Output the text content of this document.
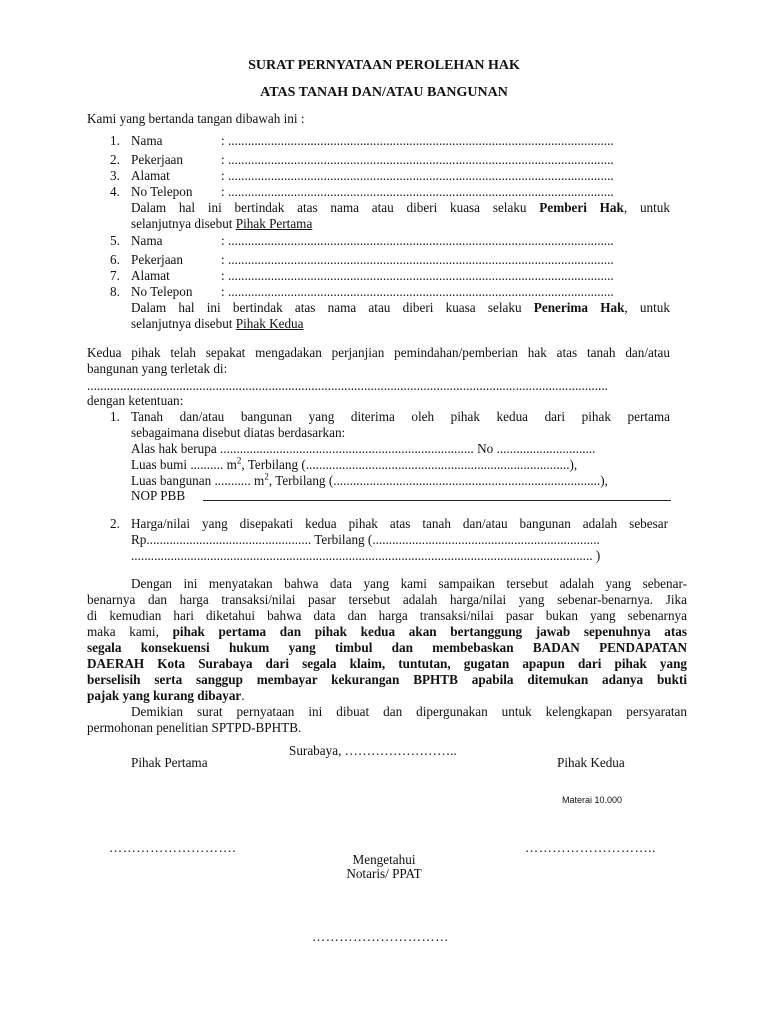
SURAT PERNYATAAN PEROLEHAN HAK
ATAS TANAH DAN/ATAU BANGUNAN
Kami yang bertanda tangan dibawah ini :
1. Nama	: .....................................................................................................................
2. Pekerjaan	: .....................................................................................................................
3. Alamat	: .....................................................................................................................
4. No Telepon : .....................................................................................................................
Dalam hal ini bertindak atas nama atau diberi kuasa selaku Pemberi Hak, untuk
selanjutnya disebut Pihak Pertama
5. Nama	: .....................................................................................................................
6. Pekerjaan	: .....................................................................................................................
7. Alamat	: .....................................................................................................................
8. No Telepon : .....................................................................................................................
Dalam hal ini bertindak atas nama atau diberi kuasa selaku Penerima Hak, untuk
selanjutnya disebut Pihak Kedua
Kedua pihak telah sepakat mengadakan perjanjian pemindahan/pemberian hak atas tanah dan/atau
bangunan yang terletak di:
..............................................................................................................................................................
dengan ketentuan:
1. Tanah dan/atau bangunan yang diterima oleh pihak kedua dari pihak pertama
sebagaimana disebut diatas berdasarkan:
Alas hak berupa ............................................................................. No ..............................
Luas bumi .......... $m^2$, Terbilang (................................................................................),
Luas bangunan ........... $m^2$, Terbilang (.................................................................................),
NOP PBB
2. Harga/nilai yang disepakati kedua pihak atas tanah dan/atau bangunan adalah sebesar
Rp.................................................. Terbilang (.....................................................................
............................................................................................................................................ )
Dengan ini menyatakan bahwa data yang kami sampaikan tersebut adalah yang sebenar-
benarnya dan harga transaksi/nilai pasar tersebut adalah harga/nilai yang sebenar-benarnya. Jika
di kemudian hari diketahui bahwa data dan harga transaksi/nilai pasar bukan yang sebenarnya
maka kami, pihak pertama dan pihak kedua akan bertanggung jawab sepenuhnya atas
segala konsekuensi hukum yang timbul dan membebaskan BADAN PENDAPATAN
DAERAH Kota Surabaya dari segala klaim, tuntutan, gugatan apapun dari pihak yang
berselisih serta sanggup membayar kekurangan BPHTB apabila ditemukan adanya bukti
pajak yang kurang dibayar.
Demikian surat pernyataan ini dibuat dan dipergunakan untuk kelengkapan persyaratan
permohonan penelitian SPTPD-BPHTB.
Surabaya, ……………………..
Pihak Pertama	Pihak Kedua
Materai 10.000
……………………….	………………………..
Mengetahui
Notaris/ PPAT
…………………………
